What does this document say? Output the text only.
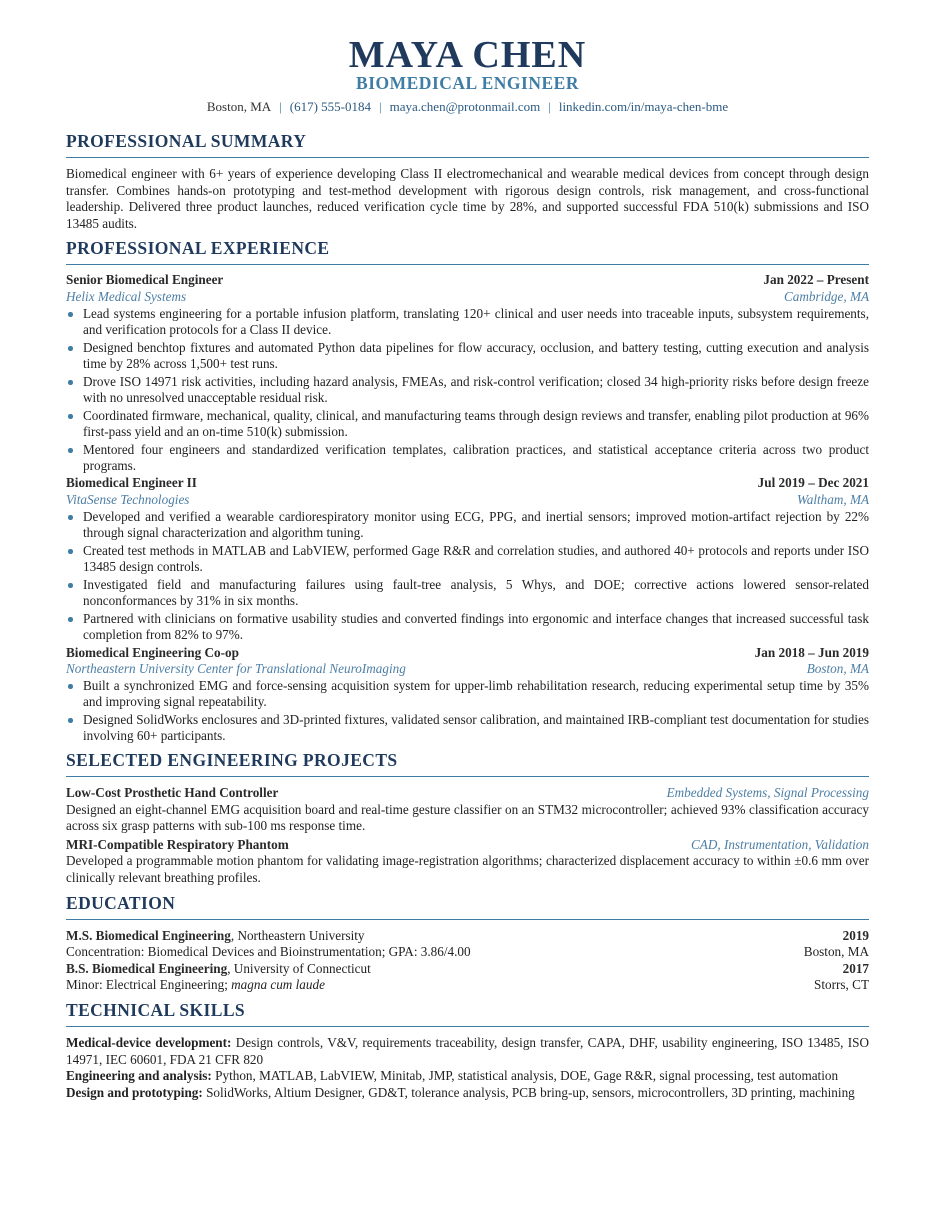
MAYA CHEN
BIOMEDICAL ENGINEER
Boston, MA | (617) 555-0184 | maya.chen@protonmail.com | linkedin.com/in/maya-chen-bme
PROFESSIONAL SUMMARY

Biomedical engineer with 6+ years of experience developing Class II electromechanical and wearable medical devices from concept through design transfer. Combines hands-on prototyping and test-method development with rigorous design controls, risk management, and cross-functional leadership. Delivered three product launches, reduced verification cycle time by 28%, and supported successful FDA 510(k) submissions and ISO 13485 audits.

PROFESSIONAL EXPERIENCE
Senior Biomedical Engineer	Jan 2022 – Present
Helix Medical Systems	Cambridge, MA
Lead systems engineering for a portable infusion platform, translating 120+ clinical and user needs into traceable inputs, subsystem requirements, and verification protocols for a Class II device.
Designed benchtop fixtures and automated Python data pipelines for flow accuracy, occlusion, and battery testing, cutting execution and analysis time by 28% across 1,500+ test runs.
Drove ISO 14971 risk activities, including hazard analysis, FMEAs, and risk-control verification; closed 34 high-priority risks before design freeze with no unresolved unacceptable residual risk.
Coordinated firmware, mechanical, quality, clinical, and manufacturing teams through design reviews and transfer, enabling pilot production at 96% first-pass yield and an on-time 510(k) submission.
Mentored four engineers and standardized verification templates, calibration practices, and statistical acceptance criteria across two product programs.
Biomedical Engineer II	Jul 2019 – Dec 2021
VitaSense Technologies	Waltham, MA
Developed and verified a wearable cardiorespiratory monitor using ECG, PPG, and inertial sensors; improved motion-artifact rejection by 22% through signal characterization and algorithm tuning.
Created test methods in MATLAB and LabVIEW, performed Gage R&R and correlation studies, and authored 40+ protocols and reports under ISO 13485 design controls.
Investigated field and manufacturing failures using fault-tree analysis, 5 Whys, and DOE; corrective actions lowered sensor-related nonconformances by 31% in six months.
Partnered with clinicians on formative usability studies and converted findings into ergonomic and interface changes that increased successful task completion from 82% to 97%.
Biomedical Engineering Co-op	Jan 2018 – Jun 2019
Northeastern University Center for Translational NeuroImaging	Boston, MA
Built a synchronized EMG and force-sensing acquisition system for upper-limb rehabilitation research, reducing experimental setup time by 35% and improving signal repeatability.
Designed SolidWorks enclosures and 3D-printed fixtures, validated sensor calibration, and maintained IRB-compliant test documentation for studies involving 60+ participants.
SELECTED ENGINEERING PROJECTS
Low-Cost Prosthetic Hand Controller	Embedded Systems, Signal Processing

Designed an eight-channel EMG acquisition board and real-time gesture classifier on an STM32 microcontroller; achieved 93% classification accuracy across six grasp patterns with sub-100 ms response time.

MRI-Compatible Respiratory Phantom	CAD, Instrumentation, Validation

Developed a programmable motion phantom for validating image-registration algorithms; characterized displacement accuracy to within ±0.6 mm over clinically relevant breathing profiles.

EDUCATION
M.S. Biomedical Engineering, Northeastern University	2019
Concentration: Biomedical Devices and Bioinstrumentation; GPA: 3.86/4.00	Boston, MA
B.S. Biomedical Engineering, University of Connecticut	2017
Minor: Electrical Engineering; magna cum laude	Storrs, CT
TECHNICAL SKILLS

Medical-device development: Design controls, V&V, requirements traceability, design transfer, CAPA, DHF, usability engineering, ISO 13485, ISO 14971, IEC 60601, FDA 21 CFR 820

Engineering and analysis: Python, MATLAB, LabVIEW, Minitab, JMP, statistical analysis, DOE, Gage R&R, signal processing, test automation

Design and prototyping: SolidWorks, Altium Designer, GD&T, tolerance analysis, PCB bring-up, sensors, microcontrollers, 3D printing, machining
